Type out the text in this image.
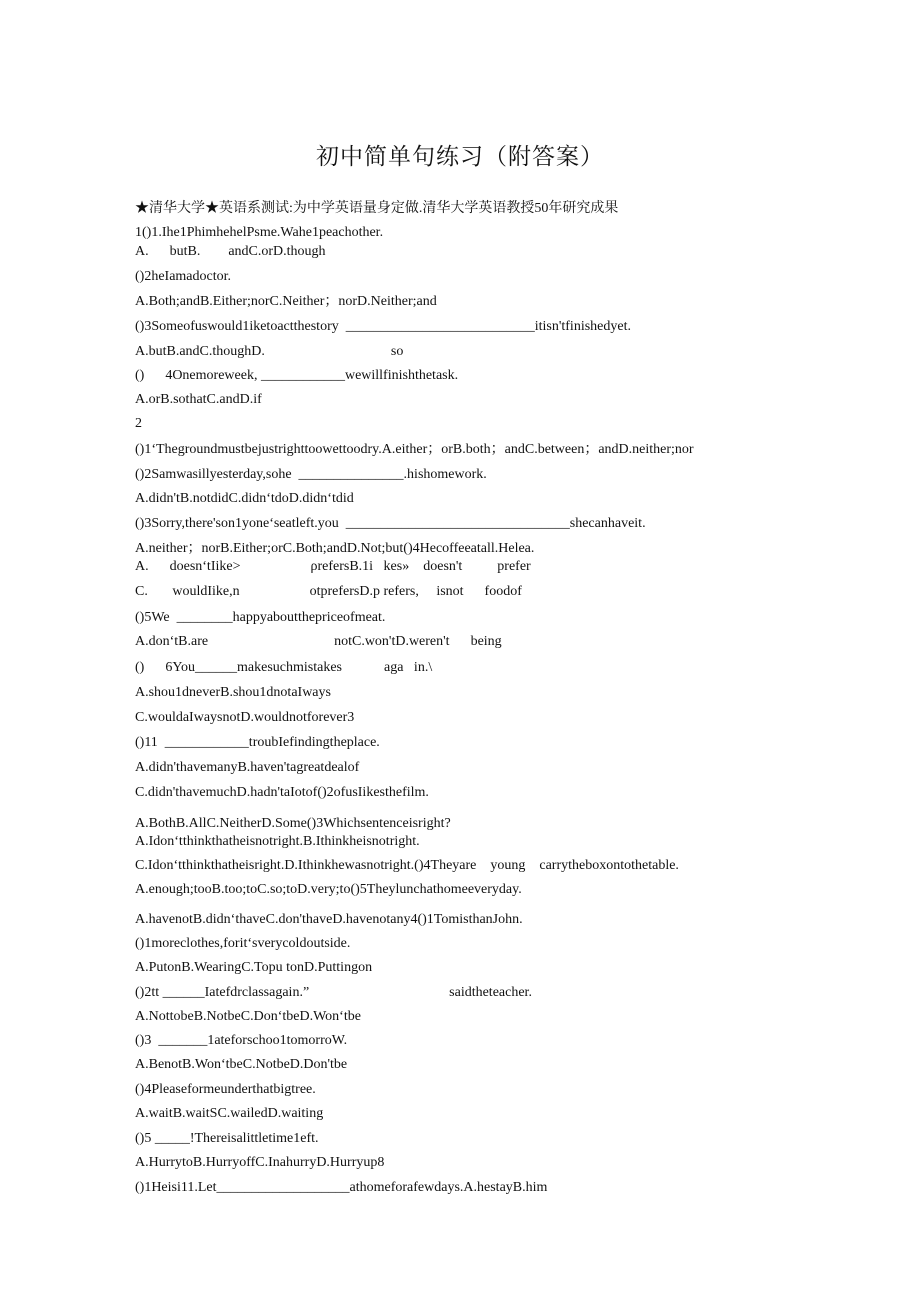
初中简单句练习（附答案）
★清华大学★英语系测试:为中学英语量身定做.清华大学英语教授50年研究成果
1()1.Ihe1PhimhehelPsme.Wahe1peachother.
A.      butB.        andC.orD.though
()2heIamadoctor.
A.Both;andB.Either;norC.Neither；norD.Neither;and
()3Someofuswould1iketoactthestory  ___________________________itisn'tfinishedyet.
A.butB.andC.thoughD.                                    so
()      4Onemoreweek, ____________wewillfinishthetask.
A.orB.sothatC.andD.if
2
()1‘Thegroundmustbejustrighttoowettoodry.A.either；orB.both；andC.between；andD.neither;nor
()2Samwasillyesterday,sohe  _______________.hishomework.
A.didn'tB.notdidC.didn‘tdoD.didn‘tdid
()3Sorry,there'son1yone‘seatleft.you  ________________________________shecanhaveit.
A.neither；norB.Either;orC.Both;andD.Not;but()4Hecoffeeatall.Helea.
A.      doesn‘tIike>                    ρrefersB.1i   kes»    doesn't          prefer
C.       wouldIike,n                    otprefersD.p refers,     isnot      foodof
()5We  ________happyaboutthepriceofmeat.
A.don‘tB.are                                    notC.won'tD.weren't      being
()      6You______makesuchmistakes            aga   in.\
A.shou1dneverB.shou1dnotaIways
C.wouldaIwaysnotD.wouldnotforever3
()11  ____________troubIefindingtheplace.
A.didn'thavemanyB.haven'tagreatdealof
C.didn'thavemuchD.hadn'taIotof()2ofusIikesthefilm.
A.BothB.AllC.NeitherD.Some()3Whichsentenceisright?
A.Idon‘tthinkthatheisnotright.B.Ithinkheisnotright.
C.Idon‘tthinkthatheisright.D.Ithinkhewasnotright.()4Theyare    young    carrytheboxontothetable.
A.enough;tooB.too;toC.so;toD.very;to()5Theylunchathomeeveryday.
A.havenotB.didn‘thaveC.don'thaveD.havenotany4()1TomisthanJohn.
()1moreclothes,forit‘sverycoldoutside.
A.PutonB.WearingC.Topu tonD.Puttingon
()2tt ______Iatefdrclassagain.”                                        saidtheteacher.
A.NottobeB.NotbeC.Don‘tbeD.Won‘tbe
()3  _______1ateforschoo1tomorroW.
A.BenotB.Won‘tbeC.NotbeD.Don'tbe
()4Pleaseformeunderthatbigtree.
A.waitB.waitSC.wailedD.waiting
()5 _____!Thereisalittletime1eft.
A.HurrytoB.HurryoffC.InahurryD.Hurryup8
()1Heisi11.Let___________________athomeforafewdays.A.hestayB.him
